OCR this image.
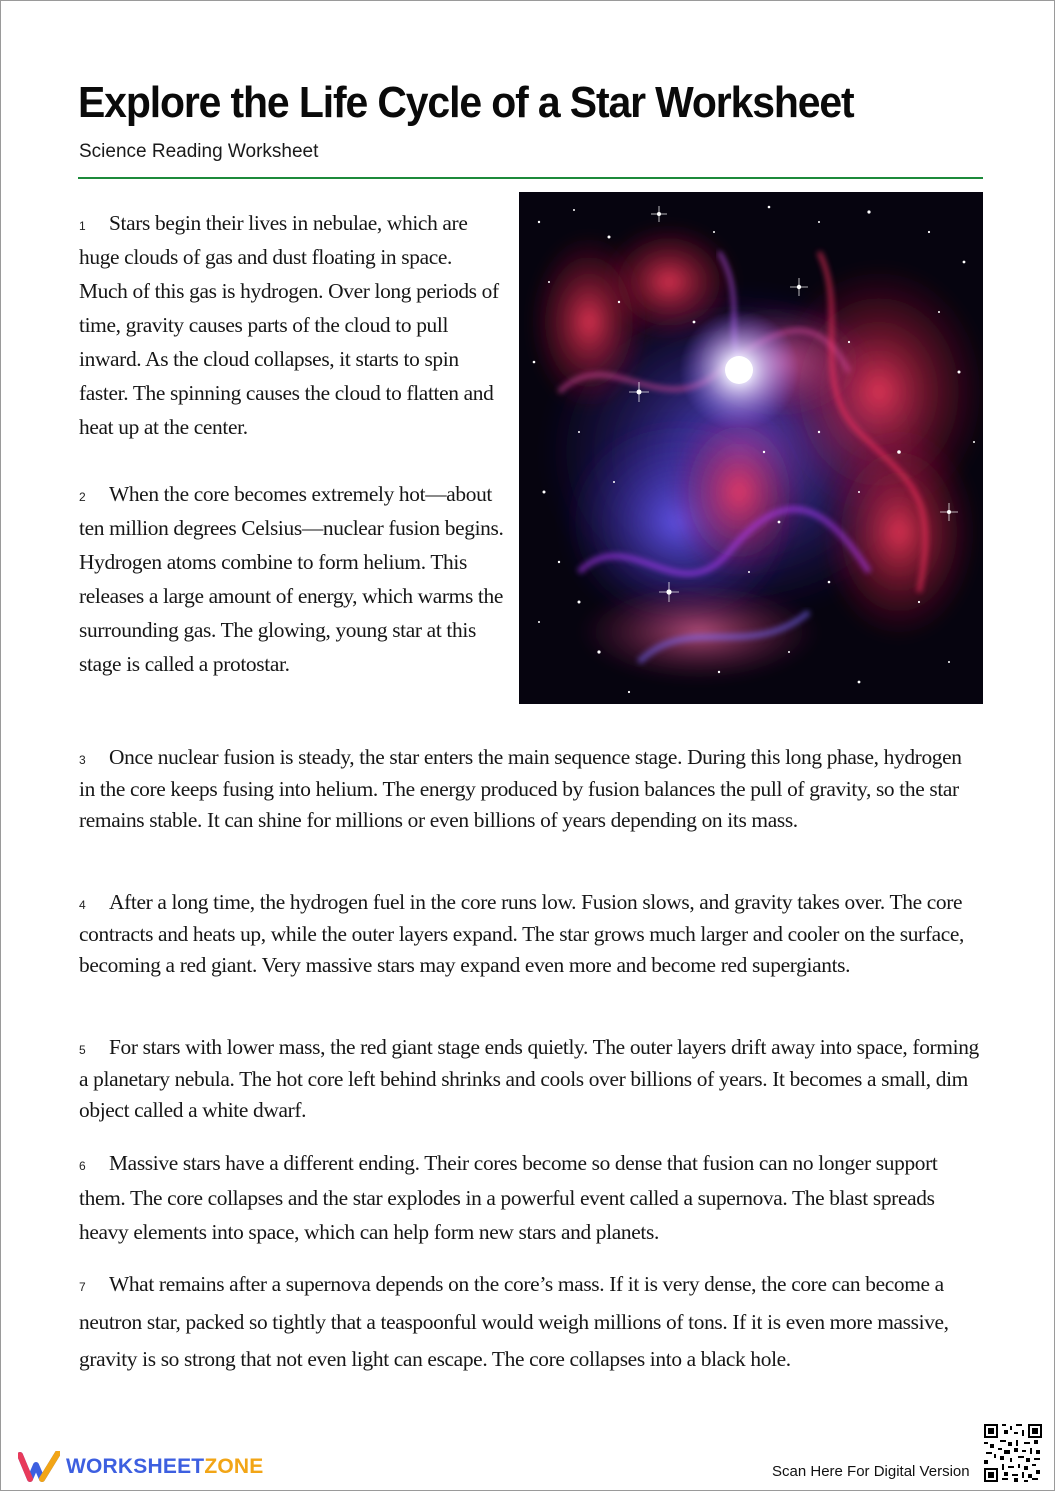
Explore the Life Cycle of a Star Worksheet
Science Reading Worksheet

1 Stars begin their lives in nebulae, which are huge clouds of gas and dust floating in space. Much of this gas is hydrogen. Over long periods of time, gravity causes parts of the cloud to pull inward. As the cloud collapses, it starts to spin faster. The spinning causes the cloud to flatten and heat up at the center.

2 When the core becomes extremely hot—about ten million degrees Celsius—nuclear fusion begins. Hydrogen atoms combine to form helium. This releases a large amount of energy, which warms the surrounding gas. The glowing, young star at this stage is called a protostar.

3 Once nuclear fusion is steady, the star enters the main sequence stage. During this long phase, hydrogen in the core keeps fusing into helium. The energy produced by fusion balances the pull of gravity, so the star remains stable. It can shine for millions or even billions of years depending on its mass.

4 After a long time, the hydrogen fuel in the core runs low. Fusion slows, and gravity takes over. The core contracts and heats up, while the outer layers expand. The star grows much larger and cooler on the surface, becoming a red giant. Very massive stars may expand even more and become red supergiants.

5 For stars with lower mass, the red giant stage ends quietly. The outer layers drift away into space, forming a planetary nebula. The hot core left behind shrinks and cools over billions of years. It becomes a small, dim object called a white dwarf.

6 Massive stars have a different ending. Their cores become so dense that fusion can no longer support them. The core collapses and the star explodes in a powerful event called a supernova. The blast spreads heavy elements into space, which can help form new stars and planets.

7 What remains after a supernova depends on the core’s mass. If it is very dense, the core can become a neutron star, packed so tightly that a teaspoonful would weigh millions of tons. If it is even more massive, gravity is so strong that not even light can escape. The core collapses into a black hole.

WORKSHEETZONE	Scan Here For Digital Version
